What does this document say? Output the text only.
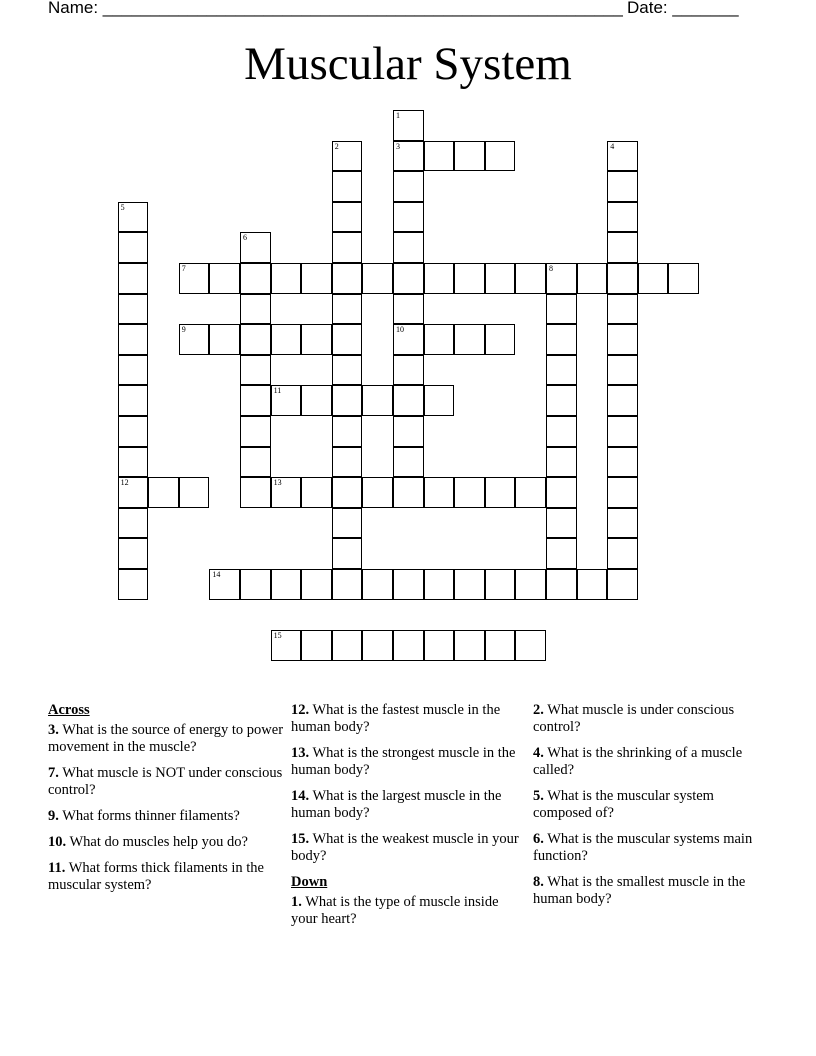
Name: _______________________________________________________ Date: _______
Muscular System
1
3
10
2	4
5
12
6
7	8
9
11
13
14
15
Across
3. What is the source of energy to power movement in the muscle?
7. What muscle is NOT under conscious control?
9. What forms thinner filaments?
10. What do muscles help you do?
11. What forms thick filaments in the muscular system?
12. What is the fastest muscle in the human body?
13. What is the strongest muscle in the human body?
14. What is the largest muscle in the human body?
15. What is the weakest muscle in your body?
Down
1. What is the type of muscle inside your heart?
2. What muscle is under conscious control?
4. What is the shrinking of a muscle called?
5. What is the muscular system composed of?
6. What is the muscular systems main function?
8. What is the smallest muscle in the human body?
